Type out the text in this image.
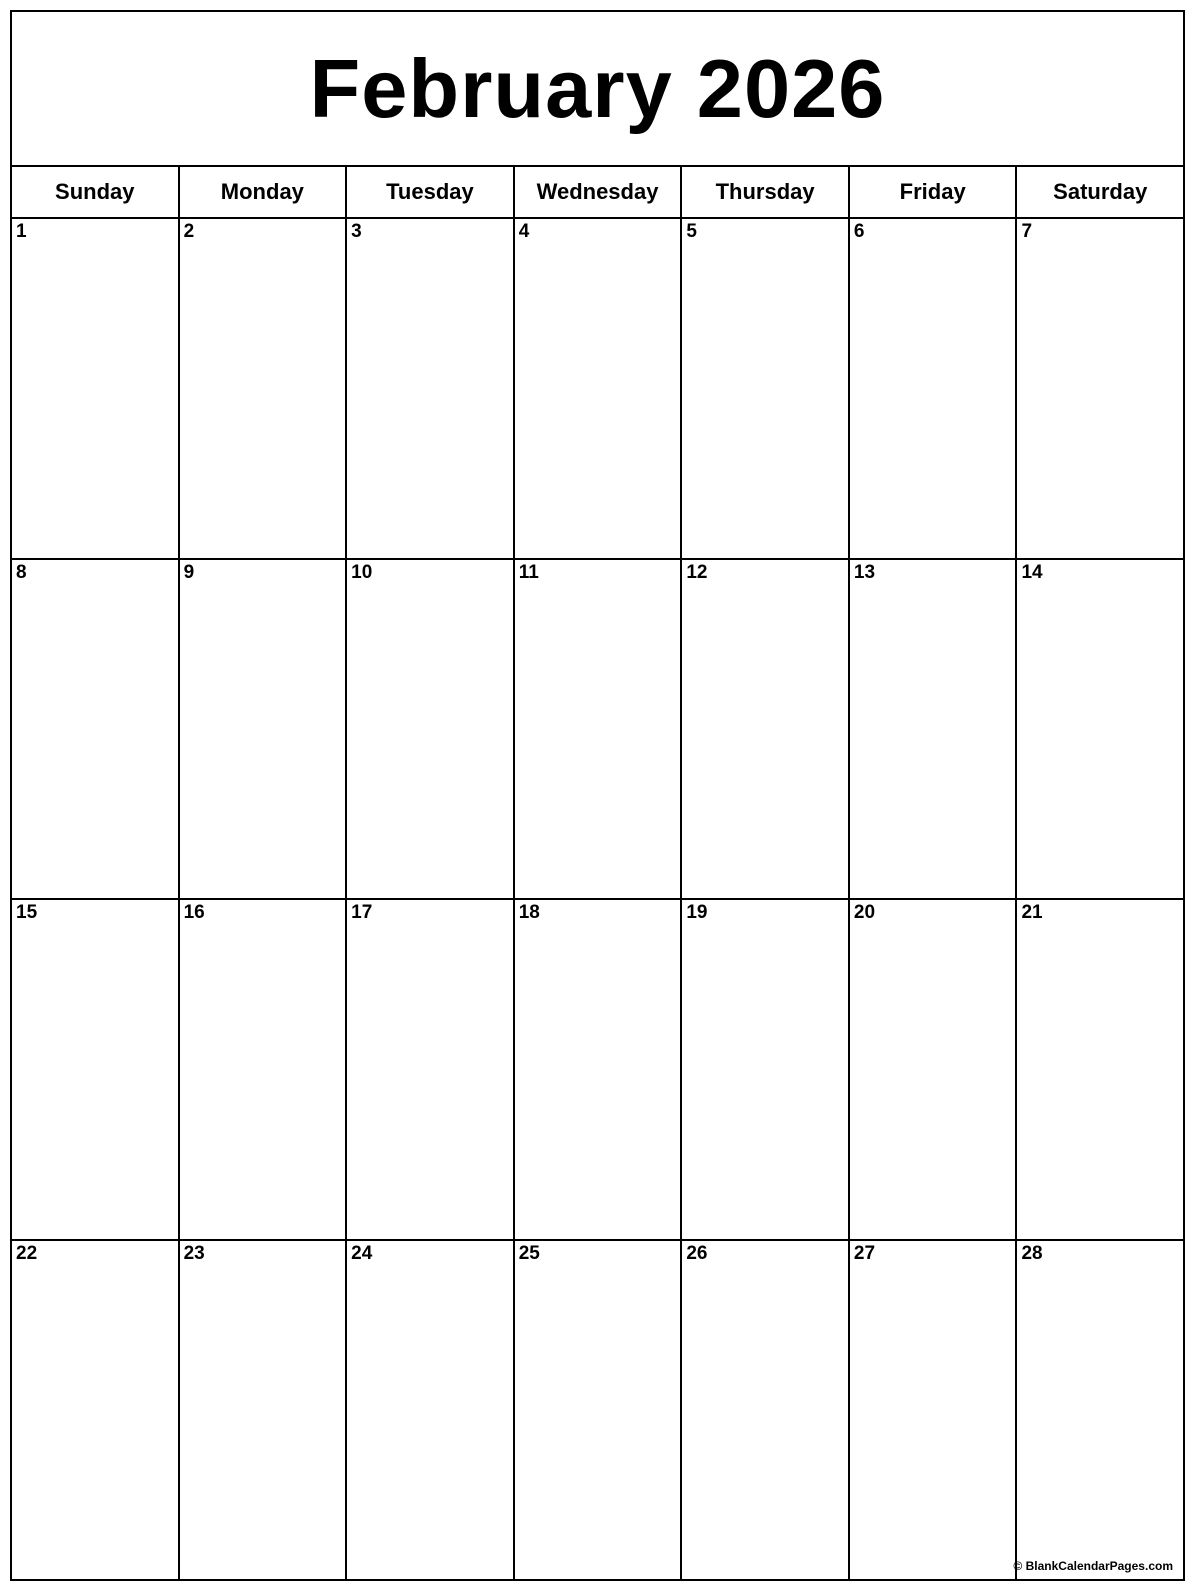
February 2026
Sunday	Monday	Tuesday	Wednesday	Thursday	Friday	Saturday
1	2	3	4	5	6	7
8	9	10	11	12	13	14
15	16	17	18	19	20	21
22	23	24	25	26	27	28
© BlankCalendarPages.com
